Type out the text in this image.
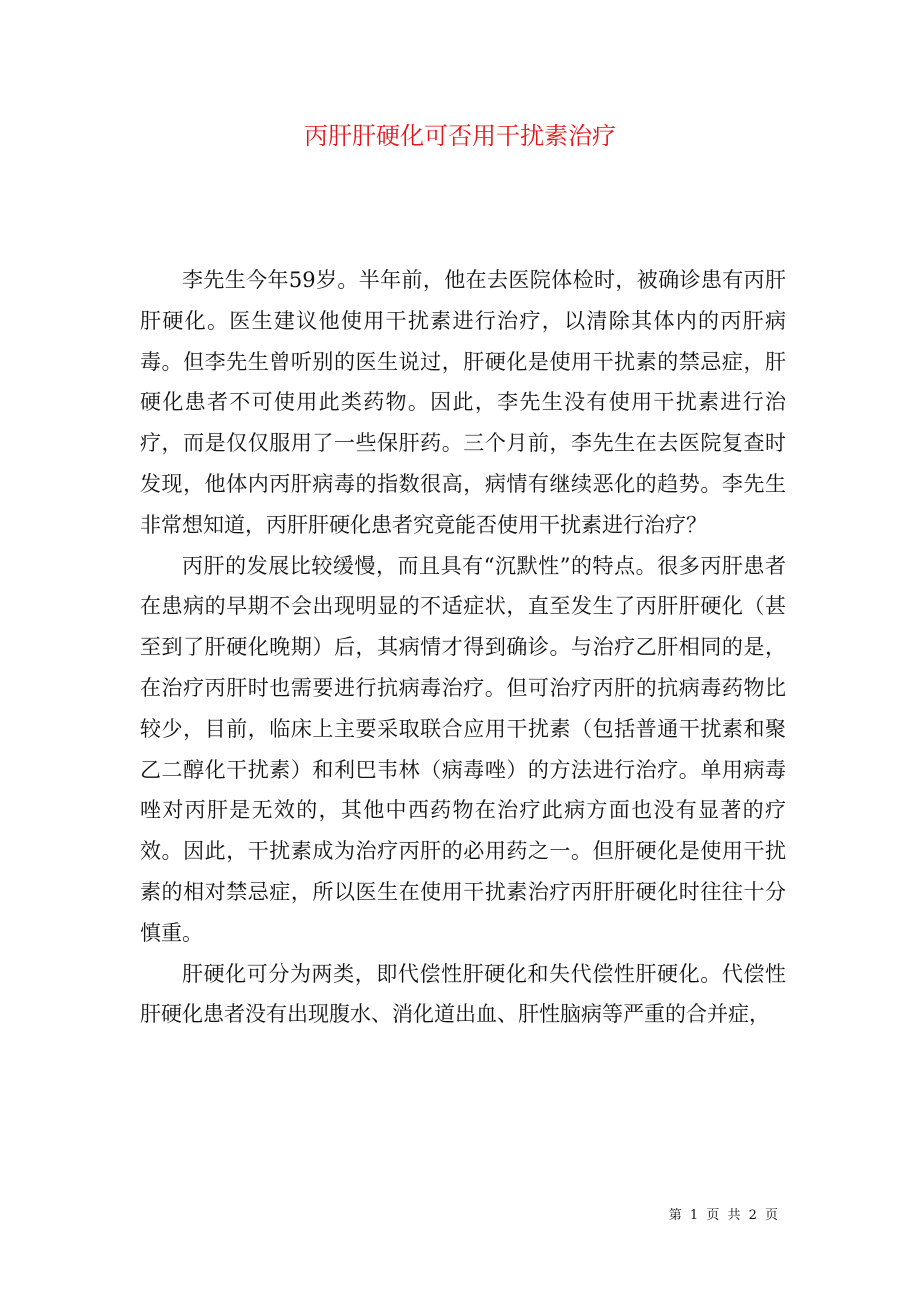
丙肝肝硬化可否用干扰素治疗

李先生今年59岁。半年前，他在去医院体检时，被确诊患有丙肝肝硬化。医生建议他使用干扰素进行治疗，以清除其体内的丙肝病毒。但李先生曾听别的医生说过，肝硬化是使用干扰素的禁忌症，肝硬化患者不可使用此类药物。因此，李先生没有使用干扰素进行治疗，而是仅仅服用了一些保肝药。三个月前，李先生在去医院复查时发现，他体内丙肝病毒的指数很高，病情有继续恶化的趋势。李先生非常想知道，丙肝肝硬化患者究竟能否使用干扰素进行治疗？

丙肝的发展比较缓慢，而且具有“沉默性”的特点。很多丙肝患者在患病的早期不会出现明显的不适症状，直至发生了丙肝肝硬化（甚至到了肝硬化晚期）后，其病情才得到确诊。与治疗乙肝相同的是，在治疗丙肝时也需要进行抗病毒治疗。但可治疗丙肝的抗病毒药物比较少，目前，临床上主要采取联合应用干扰素（包括普通干扰素和聚乙二醇化干扰素）和利巴韦林（病毒唑）的方法进行治疗。单用病毒唑对丙肝是无效的，其他中西药物在治疗此病方面也没有显著的疗效。因此，干扰素成为治疗丙肝的必用药之一。但肝硬化是使用干扰素的相对禁忌症，所以医生在使用干扰素治疗丙肝肝硬化时往往十分慎重。

肝硬化可分为两类，即代偿性肝硬化和失代偿性肝硬化。代偿性肝硬化患者没有出现腹水、消化道出血、肝性脑病等严重的合并症，

第 1 页 共 2 页
